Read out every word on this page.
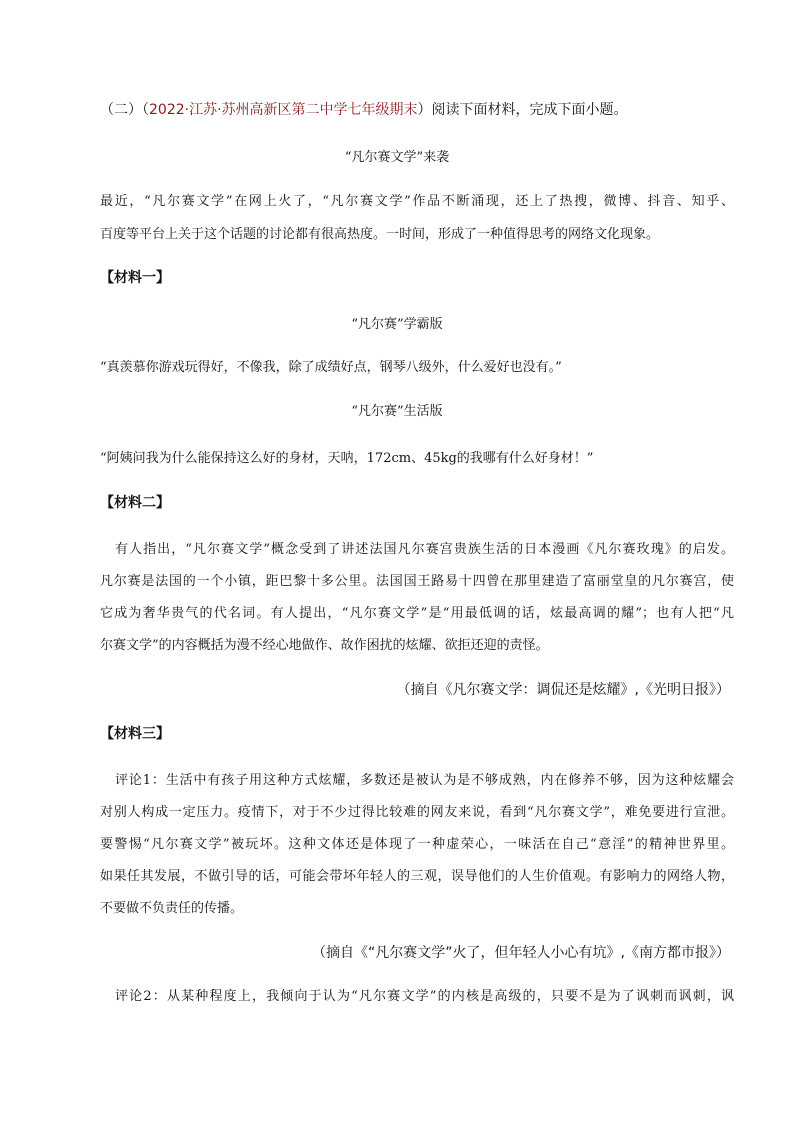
（二）（2022·江苏·苏州高新区第二中学七年级期末）阅读下面材料，完成下面小题。
“凡尔赛文学”来袭
最近，“凡尔赛文学”在网上火了，“凡尔赛文学”作品不断涌现，还上了热搜，微博、抖音、知乎、
百度等平台上关于这个话题的讨论都有很高热度。一时间，形成了一种值得思考的网络文化现象。
【材料一】
“凡尔赛”学霸版
“真羡慕你游戏玩得好，不像我，除了成绩好点，钢琴八级外，什么爱好也没有。”
“凡尔赛”生活版
“阿姨问我为什么能保持这么好的身材，天呐，172cm、45kg的我哪有什么好身材！”
【材料二】
有人指出，“凡尔赛文学”概念受到了讲述法国凡尔赛宫贵族生活的日本漫画《凡尔赛玫瑰》的启发。
凡尔赛是法国的一个小镇，距巴黎十多公里。法国国王路易十四曾在那里建造了富丽堂皇的凡尔赛宫，使
它成为奢华贵气的代名词。有人提出，“凡尔赛文学”是“用最低调的话，炫最高调的耀”；也有人把“凡
尔赛文学”的内容概括为漫不经心地做作、故作困扰的炫耀、欲拒还迎的责怪。
（摘自《凡尔赛文学：调侃还是炫耀》,《光明日报》）
【材料三】
评论1：生活中有孩子用这种方式炫耀，多数还是被认为是不够成熟，内在修养不够，因为这种炫耀会
对别人构成一定压力。疫情下，对于不少过得比较难的网友来说，看到“凡尔赛文学”，难免要进行宣泄。
要警惕“凡尔赛文学”被玩坏。这种文体还是体现了一种虚荣心，一味活在自己“意淫”的精神世界里。
如果任其发展，不做引导的话，可能会带坏年轻人的三观，误导他们的人生价值观。有影响力的网络人物，
不要做不负责任的传播。
（摘自《“凡尔赛文学”火了，但年轻人小心有坑》,《南方都市报》）
评论2：从某种程度上，我倾向于认为“凡尔赛文学”的内核是高级的，只要不是为了讽刺而讽刺，讽
